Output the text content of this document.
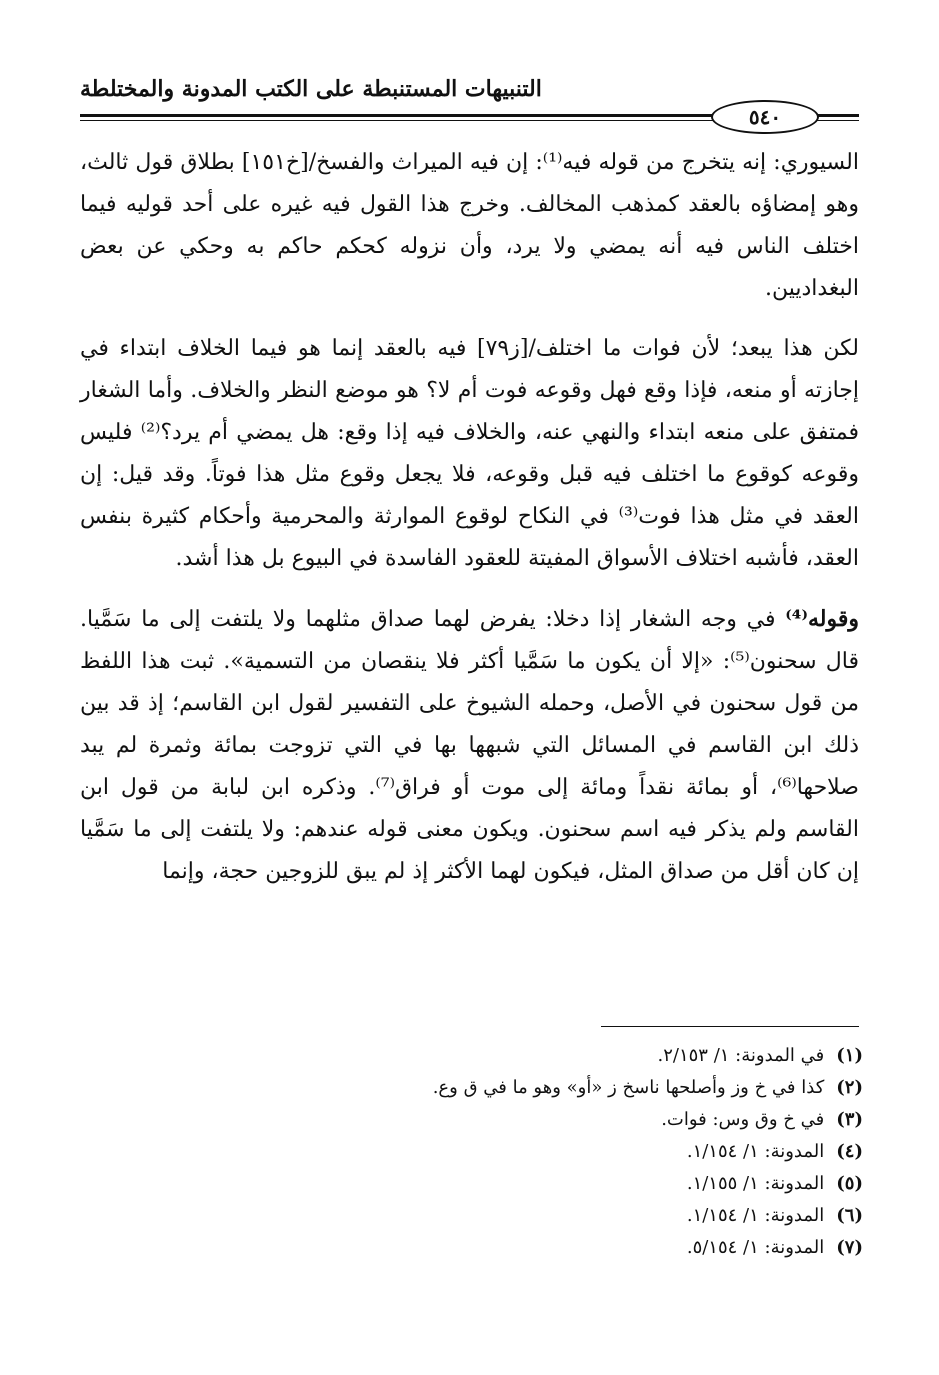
التنبيهات المستنبطة على الكتب المدونة والمختلطة
٥٤٠

السيوري: إنه يتخرج من قوله فيه⁽¹⁾: إن فيه الميراث والفسخ/[خ١٥١] بطلاق قول ثالث، وهو إمضاؤه بالعقد كمذهب المخالف. وخرج هذا القول فيه غيره على أحد قوليه فيما اختلف الناس فيه أنه يمضي ولا يرد، وأن نزوله كحكم حاكم به وحكي عن بعض البغداديين.

لكن هذا يبعد؛ لأن فوات ما اختلف/[ز٧٩] فيه بالعقد إنما هو فيما الخلاف ابتداء في إجازته أو منعه، فإذا وقع فهل وقوعه فوت أم لا؟ هو موضع النظر والخلاف. وأما الشغار فمتفق على منعه ابتداء والنهي عنه، والخلاف فيه إذا وقع: هل يمضي أم يرد؟⁽²⁾ فليس وقوعه كوقوع ما اختلف فيه قبل وقوعه، فلا يجعل وقوع مثل هذا فوتاً. وقد قيل: إن العقد في مثل هذا فوت⁽³⁾ في النكاح لوقوع الموارثة والمحرمية وأحكام كثيرة بنفس العقد، فأشبه اختلاف الأسواق المفيتة للعقود الفاسدة في البيوع بل هذا أشد.

وقوله⁽⁴⁾ في وجه الشغار إذا دخلا: يفرض لهما صداق مثلهما ولا يلتفت إلى ما سَمَّيا. قال سحنون⁽⁵⁾: «إلا أن يكون ما سَمَّيا أكثر فلا ينقصان من التسمية». ثبت هذا اللفظ من قول سحنون في الأصل، وحمله الشيوخ على التفسير لقول ابن القاسم؛ إذ قد بين ذلك ابن القاسم في المسائل التي شبهها بها في التي تزوجت بمائة وثمرة لم يبد صلاحها⁽⁶⁾، أو بمائة نقداً ومائة إلى موت أو فراق⁽⁷⁾. وذكره ابن لبابة من قول ابن القاسم ولم يذكر فيه اسم سحنون. ويكون معنى قوله عندهم: ولا يلتفت إلى ما سَمَّيا إن كان أقل من صداق المثل، فيكون لهما الأكثر إذ لم يبق للزوجين حجة، وإنما

(١)
في المدونة: ١/ ٢/١٥٣.
(٢)
كذا في خ وز وأصلحها ناسخ ز «أو» وهو ما في ق وع.
(٣)
في خ وق وس: فوات.
(٤)
المدونة: ١/ ١/١٥٤.
(٥)
المدونة: ١/ ١/١٥٥.
(٦)
المدونة: ١/ ١/١٥٤.
(٧)
المدونة: ١/ ٥/١٥٤.
